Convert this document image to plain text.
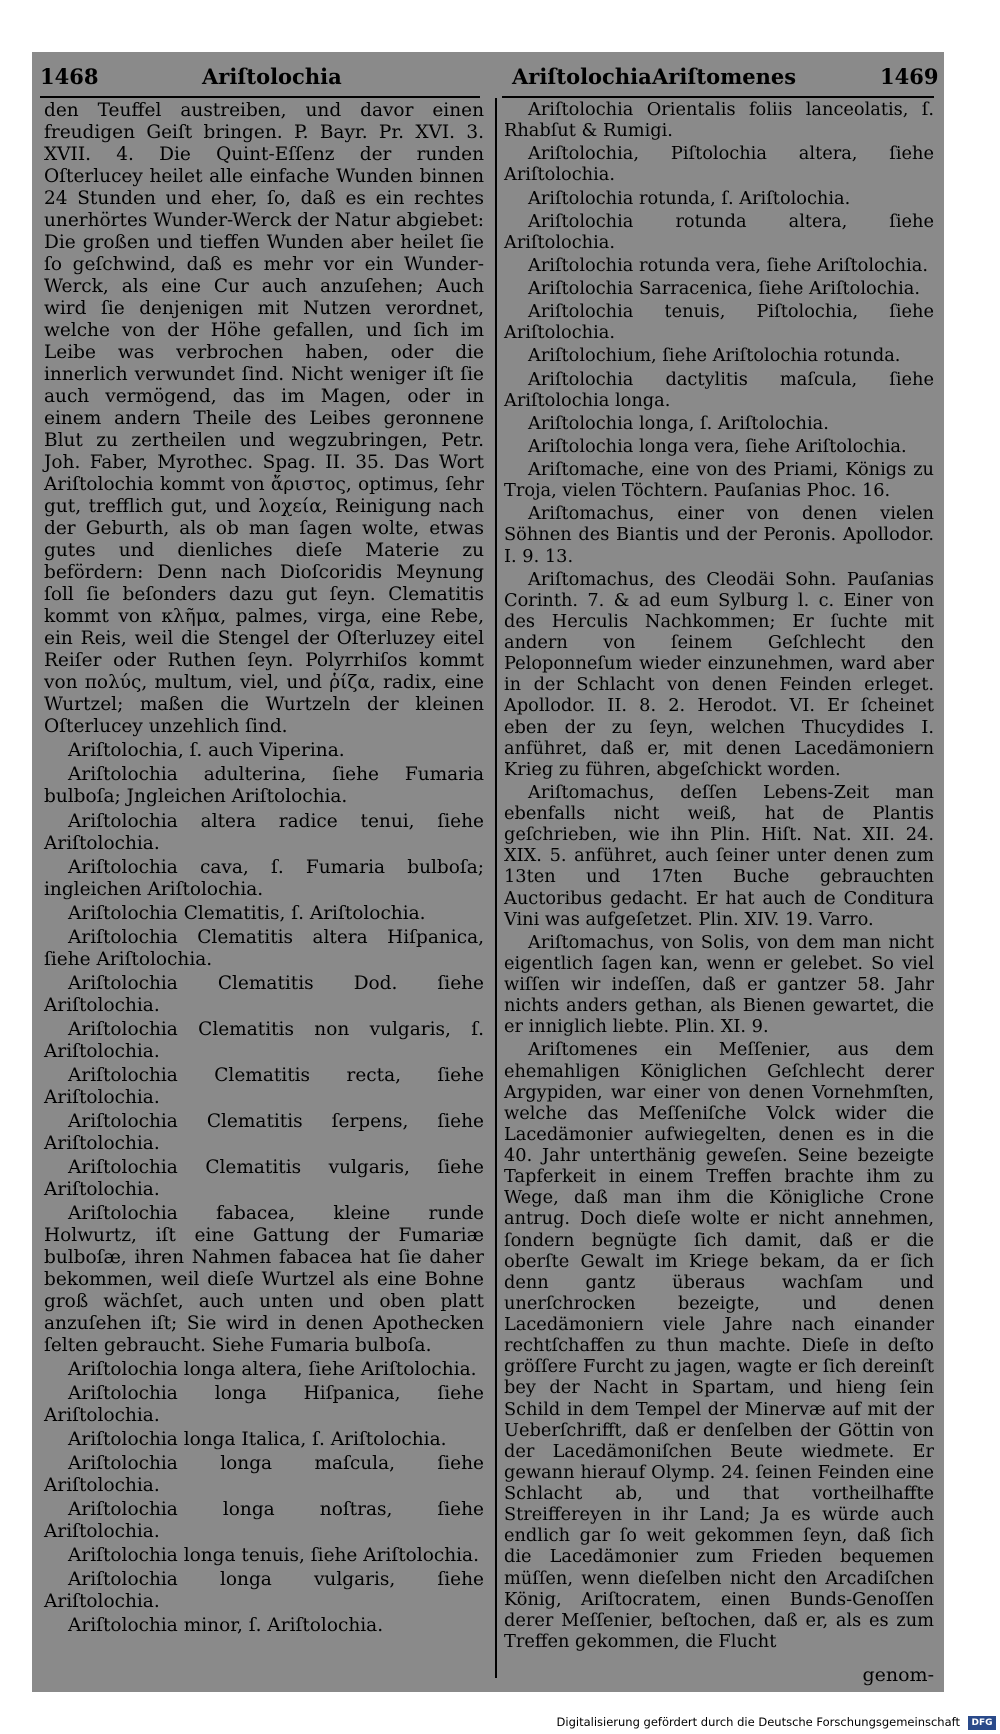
1468	Ariſtolochia	Ariſtolochia Ariſtomenes	1469

den Teuffel austreiben, und davor einen freudigen Geiſt bringen. P. Bayr. Pr. XVI. 3. XVII. 4. Die Quint-Eſſenz der runden Oſterlucey heilet alle einfache Wunden binnen 24 Stunden und eher, ſo, daß es ein rechtes unerhörtes Wunder-Werck der Natur abgiebet: Die großen und tieffen Wunden aber heilet ſie ſo geſchwind, daß es mehr vor ein Wunder-Werck, als eine Cur auch anzuſehen; Auch wird ſie denjenigen mit Nutzen verordnet, welche von der Höhe gefallen, und ſich im Leibe was verbrochen haben, oder die innerlich verwundet ſind. Nicht weniger iſt ſie auch vermögend, das im Magen, oder in einem andern Theile des Leibes geronnene Blut zu zertheilen und wegzubringen, Petr. Joh. Faber, Myrothec. Spag. II. 35. Das Wort Ariſtolochia kommt von ἄριστος, optimus, ſehr gut, trefflich gut, und λοχεία, Reinigung nach der Geburth, als ob man ſagen wolte, etwas gutes und dienliches dieſe Materie zu befördern: Denn nach Dioſcoridis Meynung ſoll ſie beſonders dazu gut ſeyn. Clematitis kommt von κλῆμα, palmes, virga, eine Rebe, ein Reis, weil die Stengel der Oſterluzey eitel Reiſer oder Ruthen ſeyn. Polyrrhiſos kommt von πολύς, multum, viel, und ῥίζα, radix, eine Wurtzel; maßen die Wurtzeln der kleinen Oſterlucey unzehlich ſind.

Ariſtolochia, ſ. auch Viperina.

Ariſtolochia adulterina, ſiehe Fumaria bulboſa; Jngleichen Ariſtolochia.

Ariſtolochia altera radice tenui, ſiehe Ariſtolochia.

Ariſtolochia cava, ſ. Fumaria bulboſa; ingleichen Ariſtolochia.

Ariſtolochia Clematitis, ſ. Ariſtolochia.

Ariſtolochia Clematitis altera Hiſpanica, ſiehe Ariſtolochia.

Ariſtolochia Clematitis Dod. ſiehe Ariſtolochia.

Ariſtolochia Clematitis non vulgaris, ſ. Ariſtolochia.

Ariſtolochia Clematitis recta, ſiehe Ariſtolochia.

Ariſtolochia Clematitis ſerpens, ſiehe Ariſtolochia.

Ariſtolochia Clematitis vulgaris, ſiehe Ariſtolochia.

Ariſtolochia fabacea, kleine runde Holwurtz, iſt eine Gattung der Fumariæ bulboſæ, ihren Nahmen fabacea hat ſie daher bekommen, weil dieſe Wurtzel als eine Bohne groß wächſet, auch unten und oben platt anzuſehen iſt; Sie wird in denen Apothecken ſelten gebraucht. Siehe Fumaria bulboſa.

Ariſtolochia longa altera, ſiehe Ariſtolochia.

Ariſtolochia longa Hiſpanica, ſiehe Ariſtolochia.

Ariſtolochia longa Italica, ſ. Ariſtolochia.

Ariſtolochia longa maſcula, ſiehe Ariſtolochia.

Ariſtolochia longa noſtras, ſiehe Ariſtolochia.

Ariſtolochia longa tenuis, ſiehe Ariſtolochia.

Ariſtolochia longa vulgaris, ſiehe Ariſtolochia.

Ariſtolochia minor, ſ. Ariſtolochia.

Ariſtolochia Orientalis foliis lanceolatis, ſ. Rhabſut & Rumigi.

Ariſtolochia, Piſtolochia altera, ſiehe Ariſtolochia.

Ariſtolochia rotunda, ſ. Ariſtolochia.

Ariſtolochia rotunda altera, ſiehe Ariſtolochia.

Ariſtolochia rotunda vera, ſiehe Ariſtolochia.

Ariſtolochia Sarracenica, ſiehe Ariſtolochia.

Ariſtolochia tenuis, Piſtolochia, ſiehe Ariſtolochia.

Ariſtolochium, ſiehe Ariſtolochia rotunda.

Ariſtolochia dactylitis maſcula, ſiehe Ariſtolochia longa.

Ariſtolochia longa, ſ. Ariſtolochia.

Ariſtolochia longa vera, ſiehe Ariſtolochia.

Ariſtomache, eine von des Priami, Königs zu Troja, vielen Töchtern. Pauſanias Phoc. 16.

Ariſtomachus, einer von denen vielen Söhnen des Biantis und der Peronis. Apollodor. I. 9. 13.

Ariſtomachus, des Cleodäi Sohn. Pauſanias Corinth. 7. & ad eum Sylburg l. c. Einer von des Herculis Nachkommen; Er ſuchte mit andern von ſeinem Geſchlecht den Peloponneſum wieder einzunehmen, ward aber in der Schlacht von denen Feinden erleget. Apollodor. II. 8. 2. Herodot. VI. Er ſcheinet eben der zu ſeyn, welchen Thucydides I. anführet, daß er, mit denen Lacedämoniern Krieg zu führen, abgeſchickt worden.

Ariſtomachus, deſſen Lebens-Zeit man ebenfalls nicht weiß, hat de Plantis geſchrieben, wie ihn Plin. Hiſt. Nat. XII. 24. XIX. 5. anführet, auch ſeiner unter denen zum 13ten und 17ten Buche gebrauchten Auctoribus gedacht. Er hat auch de Conditura Vini was aufgeſetzet. Plin. XIV. 19. Varro.

Ariſtomachus, von Solis, von dem man nicht eigentlich ſagen kan, wenn er gelebet. So viel wiſſen wir indeſſen, daß er gantzer 58. Jahr nichts anders gethan, als Bienen gewartet, die er inniglich liebte. Plin. XI. 9.

Ariſtomenes ein Meſſenier, aus dem ehemahligen Königlichen Geſchlecht derer Argypiden, war einer von denen Vornehmſten, welche das Meſſeniſche Volck wider die Lacedämonier aufwiegelten, denen es in die 40. Jahr unterthänig geweſen. Seine bezeigte Tapferkeit in einem Treffen brachte ihm zu Wege, daß man ihm die Königliche Crone antrug. Doch dieſe wolte er nicht annehmen, ſondern begnügte ſich damit, daß er die oberſte Gewalt im Kriege bekam, da er ſich denn gantz überaus wachſam und unerſchrocken bezeigte, und denen Lacedämoniern viele Jahre nach einander rechtſchaffen zu thun machte. Dieſe in deſto gröſſere Furcht zu jagen, wagte er ſich dereinſt bey der Nacht in Spartam, und hieng ſein Schild in dem Tempel der Minervæ auf mit der Ueberſchrifft, daß er denſelben der Göttin von der Lacedämoniſchen Beute wiedmete. Er gewann hierauf Olymp. 24. ſeinen Feinden eine Schlacht ab, und that vortheilhaffte Streiffereyen in ihr Land; Ja es würde auch endlich gar ſo weit gekommen ſeyn, daß ſich die Lacedämonier zum Frieden bequemen müſſen, wenn dieſelben nicht den Arcadiſchen König, Ariſtocratem, einen Bunds-Genoſſen derer Meſſenier, beſtochen, daß er, als es zum Treffen gekommen, die Flucht

genom-
Digitalisierung gefördert durch die Deutsche Forschungsgemeinschaft	DFG
